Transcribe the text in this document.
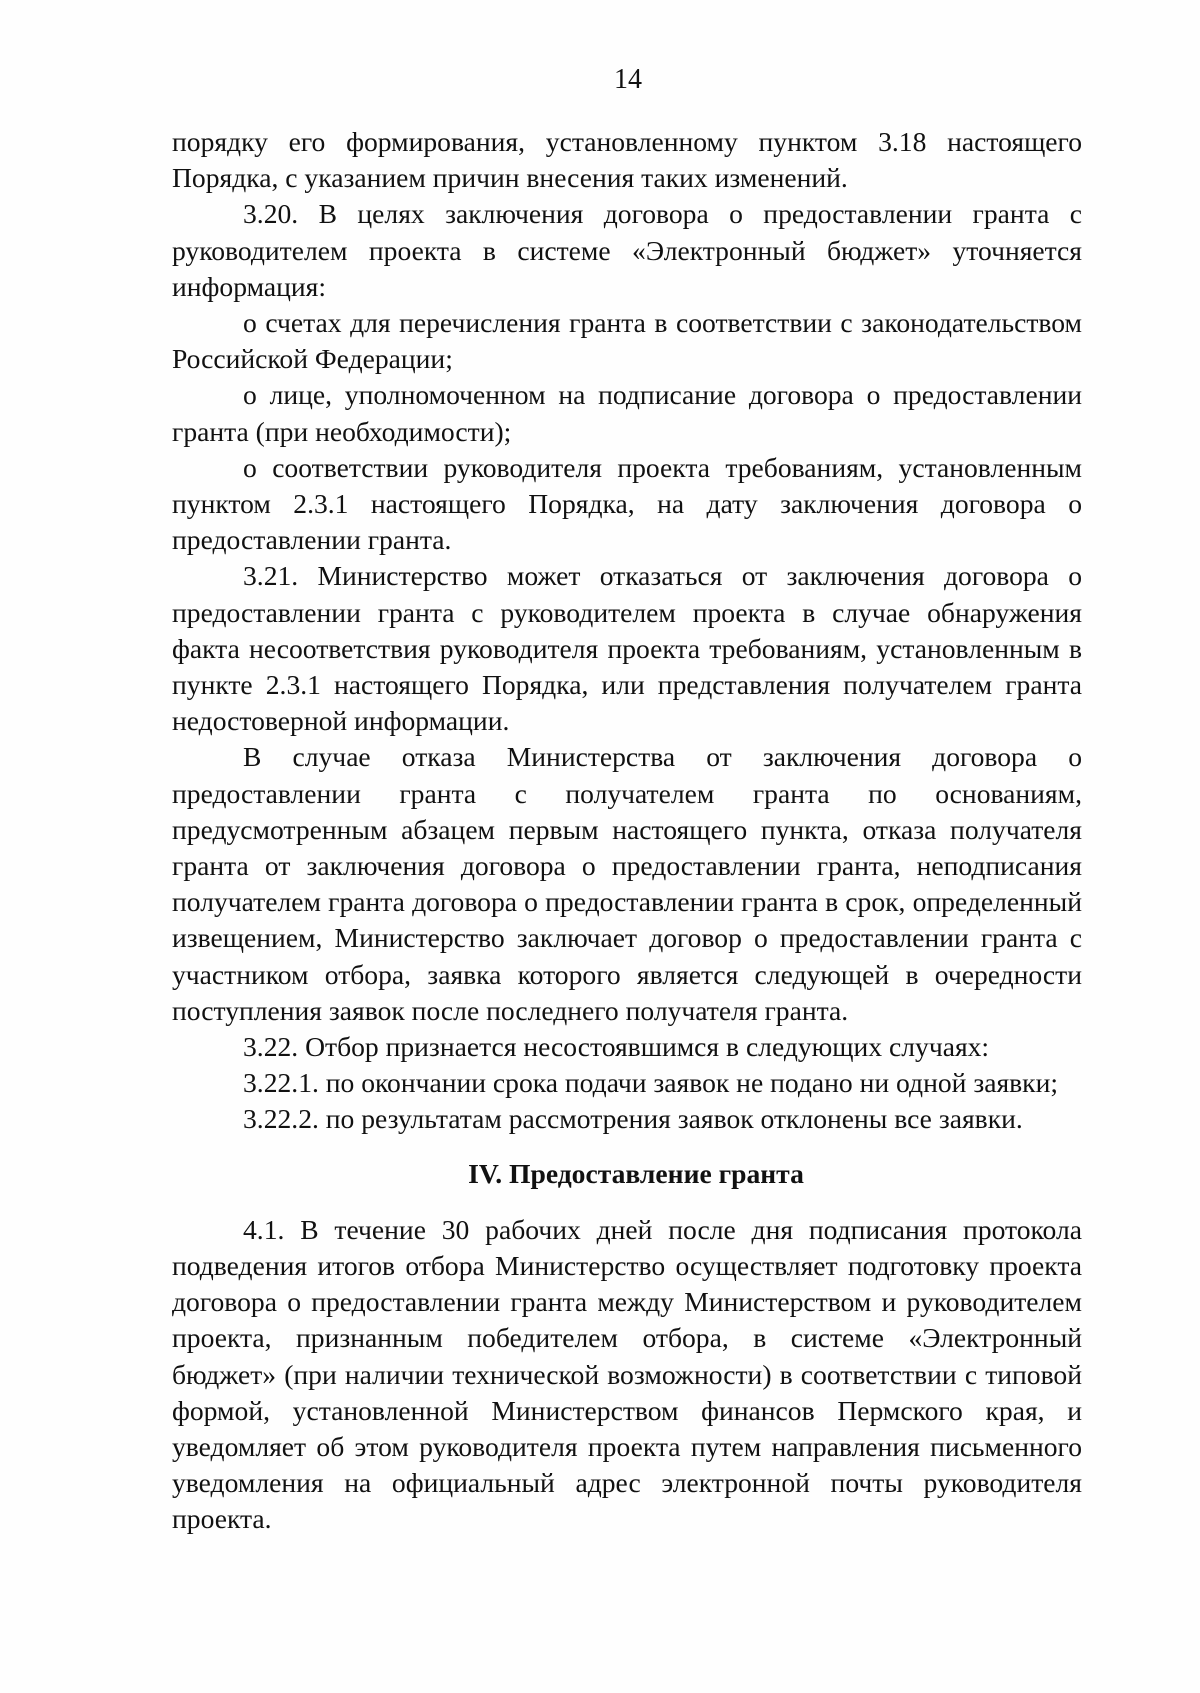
14

порядку его формирования, установленному пунктом 3.18 настоящего Порядка, с указанием причин внесения таких изменений.

3.20. В целях заключения договора о предоставлении гранта с руководителем проекта в системе «Электронный бюджет» уточняется информация:

о счетах для перечисления гранта в соответствии с законодательством Российской Федерации;

о лице, уполномоченном на подписание договора о предоставлении гранта (при необходимости);

о соответствии руководителя проекта требованиям, установленным пунктом 2.3.1 настоящего Порядка, на дату заключения договора о предоставлении гранта.

3.21. Министерство может отказаться от заключения договора о предоставлении гранта с руководителем проекта в случае обнаружения факта несоответствия руководителя проекта требованиям, установленным в пункте 2.3.1 настоящего Порядка, или представления получателем гранта недостоверной информации.

В случае отказа Министерства от заключения договора о предоставлении гранта с получателем гранта по основаниям, предусмотренным абзацем первым настоящего пункта, отказа получателя гранта от заключения договора о предоставлении гранта, неподписания получателем гранта договора о предоставлении гранта в срок, определенный извещением, Министерство заключает договор о предоставлении гранта с участником отбора, заявка которого является следующей в очередности поступления заявок после последнего получателя гранта.

3.22. Отбор признается несостоявшимся в следующих случаях:

3.22.1. по окончании срока подачи заявок не подано ни одной заявки;

3.22.2. по результатам рассмотрения заявок отклонены все заявки.

IV. Предоставление гранта

4.1. В течение 30 рабочих дней после дня подписания протокола подведения итогов отбора Министерство осуществляет подготовку проекта договора о предоставлении гранта между Министерством и руководителем проекта, признанным победителем отбора, в системе «Электронный бюджет» (при наличии технической возможности) в соответствии с типовой формой, установленной Министерством финансов Пермского края, и уведомляет об этом руководителя проекта путем направления письменного уведомления на официальный адрес электронной почты руководителя проекта.
